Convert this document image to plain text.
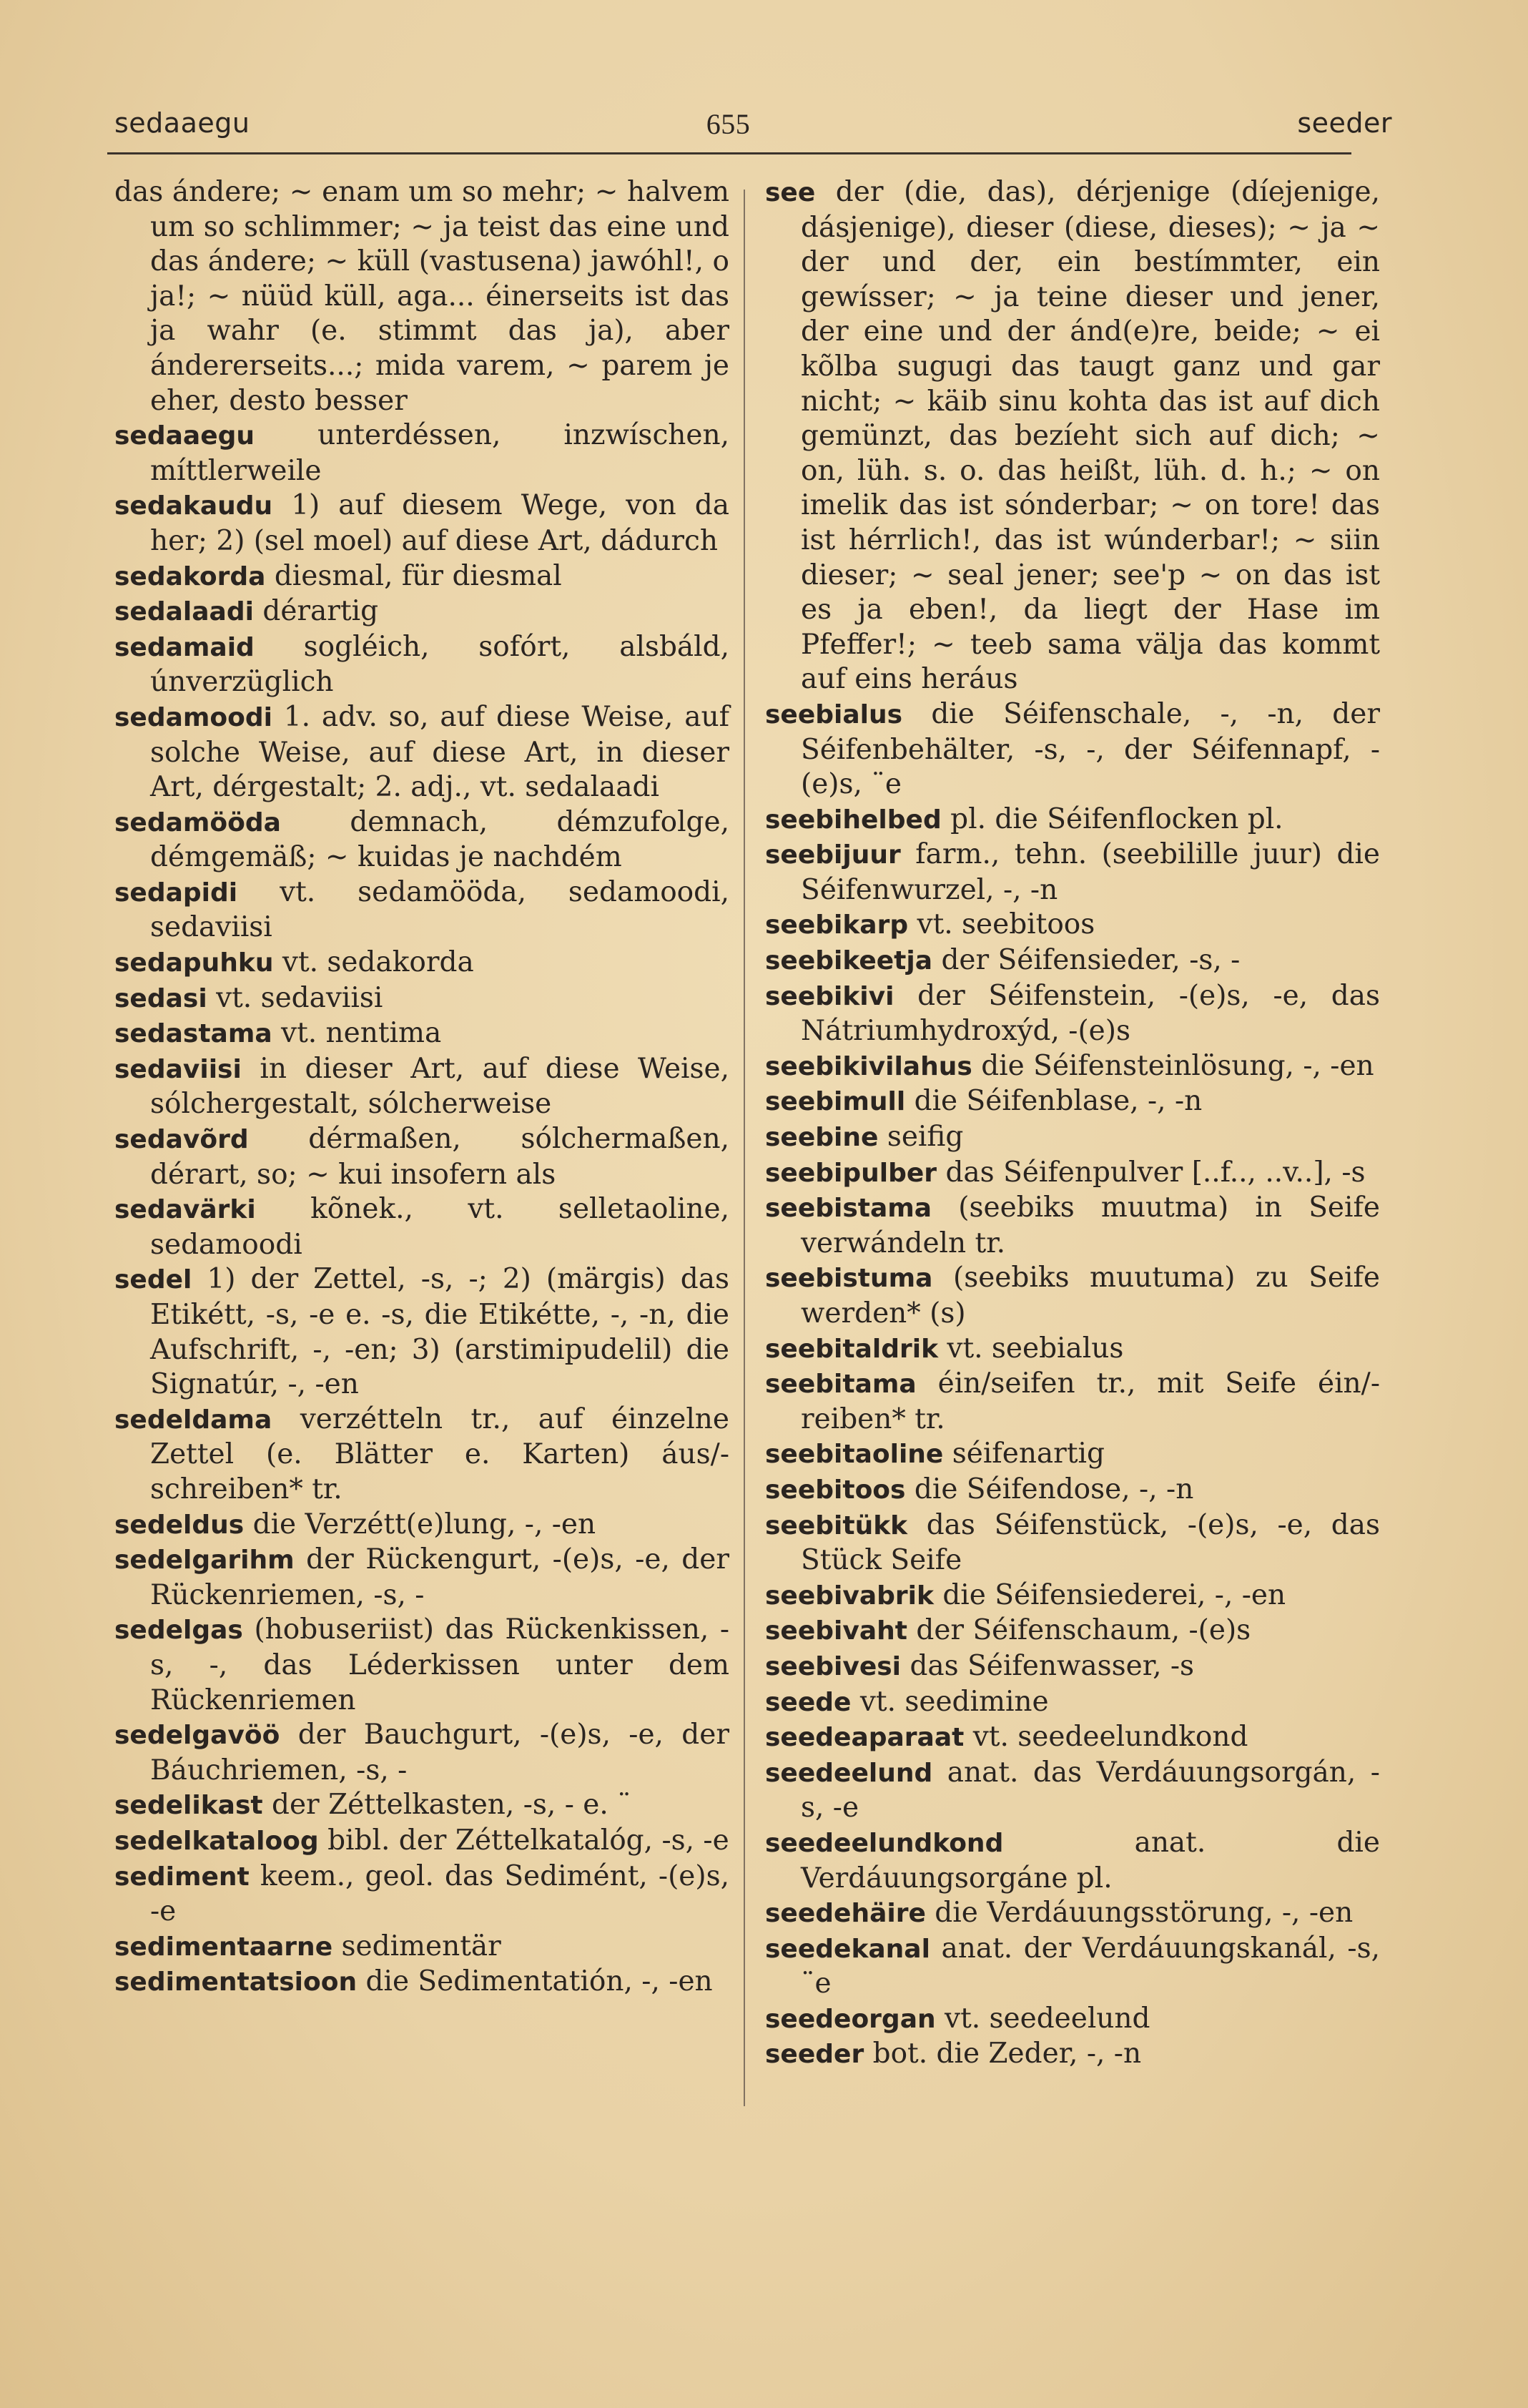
sedaaegu	655	seeder

das ándere; ~ enam um so mehr; ~ halvem um so schlimmer; ~ ja teist das eine und das ándere; ~ küll (vastusena) jawóhl!, o ja!; ~ nüüd küll, aga... éinerseits ist das ja wahr (e. stimmt das ja), aber ándererseits...; mida varem, ~ parem je eher, desto besser

sedaaegu unterdéssen, inzwíschen, míttlerweile

sedakaudu 1) auf diesem Wege, von da her; 2) (sel moel) auf diese Art, dádurch

sedakorda diesmal, für diesmal

sedalaadi dérartig

sedamaid sogléich, sofórt, alsbáld, únverzüglich

sedamoodi 1. adv. so, auf diese Weise, auf solche Weise, auf diese Art, in dieser Art, dérgestalt; 2. adj., vt. sedalaadi

sedamööda demnach, démzufolge, démgemäß; ~ kuidas je nachdém

sedapidi vt. sedamööda, sedamoodi, sedaviisi

sedapuhku vt. sedakorda

sedasi vt. sedaviisi

sedastama vt. nentima

sedaviisi in dieser Art, auf diese Weise, sólchergestalt, sólcherweise

sedavõrd dérmaßen, sólchermaßen, dérart, so; ~ kui insofern als

sedavärki kõnek., vt. selletaoline, sedamoodi

sedel 1) der Zettel, -s, -; 2) (märgis) das Etikétt, -s, -e e. -s, die Etikétte, -, -n, die Aufschrift, -, -en; 3) (arstimipudelil) die Signatúr, -, -en

sedeldama verzétteln tr., auf éinzelne Zettel (e. Blätter e. Karten) áus/-schreiben* tr.

sedeldus die Verzétt(e)lung, -, -en

sedelgarihm der Rückengurt, -(e)s, -e, der Rückenriemen, -s, -

sedelgas (hobuseriist) das Rückenkissen, -s, -, das Léderkissen unter dem Rückenriemen

sedelgavöö der Bauchgurt, -(e)s, -e, der Báuchriemen, -s, -

sedelikast der Zéttelkasten, -s, - e. ¨

sedelkataloog bibl. der Zéttelkatalóg, -s, -e

sediment keem., geol. das Sedimént, -(e)s, -e

sedimentaarne sedimentär

sedimentatsioon die Sedimentatión, -, -en

see der (die, das), dérjenige (díejenige, dásjenige), dieser (diese, dieses); ~ ja ~ der und der, ein bestímmter, ein gewísser; ~ ja teine dieser und jener, der eine und der ánd(e)re, beide; ~ ei kõlba sugugi das taugt ganz und gar nicht; ~ käib sinu kohta das ist auf dich gemünzt, das bezíeht sich auf dich; ~ on, lüh. s. o. das heißt, lüh. d. h.; ~ on imelik das ist sónderbar; ~ on tore! das ist hérrlich!, das ist wúnderbar!; ~ siin dieser; ~ seal jener; see'p ~ on das ist es ja eben!, da liegt der Hase im Pfeffer!; ~ teeb sama välja das kommt auf eins heráus

seebialus die Séifenschale, -, -n, der Séifenbehälter, -s, -, der Séifennapf, -(e)s, ¨e

seebihelbed pl. die Séifenflocken pl.

seebijuur farm., tehn. (seebilille juur) die Séifenwurzel, -, -n

seebikarp vt. seebitoos

seebikeetja der Séifensieder, -s, -

seebikivi der Séifenstein, -(e)s, -e, das Nátriumhydroxýd, -(e)s

seebikivilahus die Séifensteinlösung, -, -en

seebimull die Séifenblase, -, -n

seebine seifig

seebipulber das Séifenpulver [..f.., ..v..], -s

seebistama (seebiks muutma) in Seife verwándeln tr.

seebistuma (seebiks muutuma) zu Seife werden* (s)

seebitaldrik vt. seebialus

seebitama éin/seifen tr., mit Seife éin/-reiben* tr.

seebitaoline séifenartig

seebitoos die Séifendose, -, -n

seebitükk das Séifenstück, -(e)s, -e, das Stück Seife

seebivabrik die Séifensiederei, -, -en

seebivaht der Séifenschaum, -(e)s

seebivesi das Séifenwasser, -s

seede vt. seedimine

seedeaparaat vt. seedeelundkond

seedeelund anat. das Verdáuungsorgán, -s, -e

seedeelundkond	anat. die Verdáuungsorgáne pl.

seedehäire die Verdáuungsstörung, -, -en

seedekanal anat. der Verdáuungskanál, -s, ¨e

seedeorgan vt. seedeelund

seeder bot. die Zeder, -, -n
